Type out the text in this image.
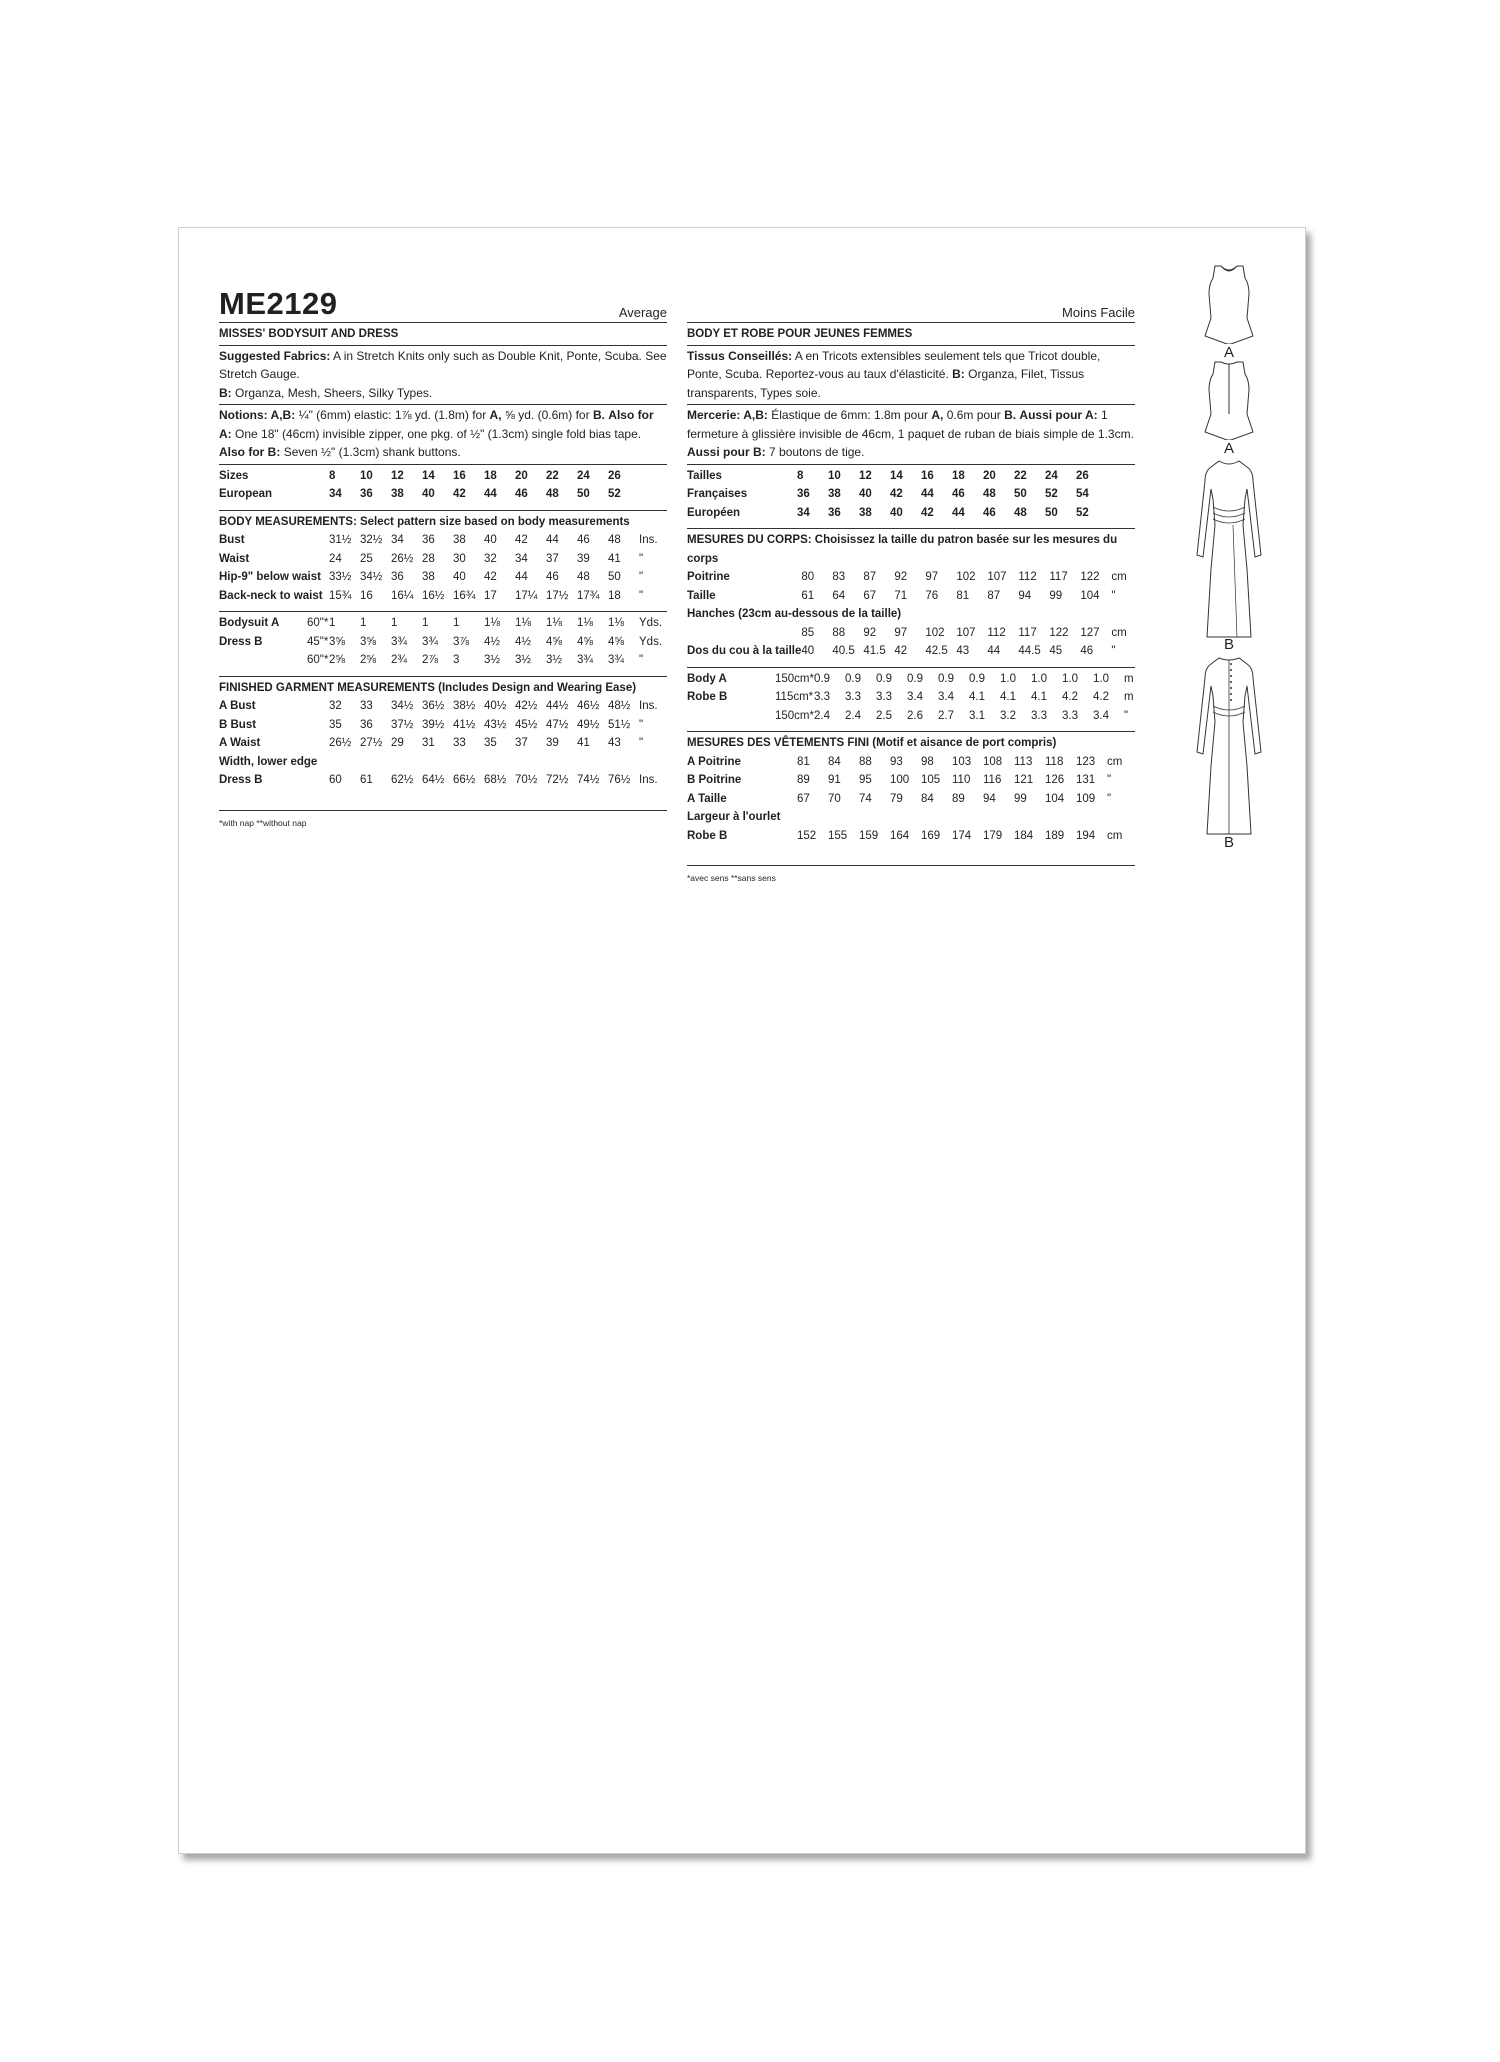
ME2129	Average
MISSES' BODYSUIT AND DRESS
Suggested Fabrics: A in Stretch Knits only such as Double Knit, Ponte, Scuba. See Stretch Gauge.
B: Organza, Mesh, Sheers, Silky Types.
Notions: A,B: ¼" (6mm) elastic: 1⅞ yd. (1.8m) for A, ⅝ yd. (0.6m) for B. Also for A: One 18" (46cm) invisible zipper, one pkg. of ½" (1.3cm) single fold bias tape. Also for B: Seven ½" (1.3cm) shank buttons.
Sizes	8	10	12	14	16	18	20	22	24	26	
European	34	36	38	40	42	44	46	48	50	52	
BODY MEASUREMENTS: Select pattern size based on body measurements
Bust	31½	32½	34	36	38	40	42	44	46	48	Ins.
Waist	24	25	26½	28	30	32	34	37	39	41	"
Hip-9" below waist	33½	34½	36	38	40	42	44	46	48	50	"
Back-neck to waist	15¾	16	16¼	16½	16¾	17	17¼	17½	17¾	18	"
Bodysuit A	60"*	1	1	1	1	1	1⅛	1⅛	1⅛	1⅛	1⅛	Yds.
Dress B	45"*	3⅝	3⅝	3¾	3¾	3⅞	4½	4½	4⅝	4⅝	4⅝	Yds.
	60"*	2⅝	2⅝	2¾	2⅞	3	3½	3½	3½	3¾	3¾	"
FINISHED GARMENT MEASUREMENTS (Includes Design and Wearing Ease)
A Bust	32	33	34½	36½	38½	40½	42½	44½	46½	48½	Ins.
B Bust	35	36	37½	39½	41½	43½	45½	47½	49½	51½	"
A Waist	26½	27½	29	31	33	35	37	39	41	43	"
Width, lower edge											
Dress B	60	61	62½	64½	66½	68½	70½	72½	74½	76½	Ins.
*with nap **without nap
Moins Facile
BODY ET ROBE POUR JEUNES FEMMES
Tissus Conseillés: A en Tricots extensibles seulement tels que Tricot double, Ponte, Scuba. Reportez-vous au taux d'élasticité. B: Organza, Filet, Tissus transparents, Types soie.
Mercerie: A,B: Élastique de 6mm: 1.8m pour A, 0.6m pour B. Aussi pour A: 1 fermeture à glissière invisible de 46cm, 1 paquet de ruban de biais simple de 1.3cm. Aussi pour B: 7 boutons de tige.
Tailles	8	10	12	14	16	18	20	22	24	26	
Françaises	36	38	40	42	44	46	48	50	52	54	
Européen	34	36	38	40	42	44	46	48	50	52	
MESURES DU CORPS: Choisissez la taille du patron basée sur les mesures du corps
Poitrine	80	83	87	92	97	102	107	112	117	122	cm
Taille	61	64	67	71	76	81	87	94	99	104	"
Hanches (23cm au-dessous de la taille)											
	85	88	92	97	102	107	112	117	122	127	cm
Dos du cou à la taille	40	40.5	41.5	42	42.5	43	44	44.5	45	46	"
Body A	150cm*	0.9	0.9	0.9	0.9	0.9	0.9	1.0	1.0	1.0	1.0	m
Robe B	115cm*	3.3	3.3	3.3	3.4	3.4	4.1	4.1	4.1	4.2	4.2	m
	150cm*	2.4	2.4	2.5	2.6	2.7	3.1	3.2	3.3	3.3	3.4	"
MESURES DES VÊTEMENTS FINI (Motif et aisance de port compris)
A Poitrine	81	84	88	93	98	103	108	113	118	123	cm
B Poitrine	89	91	95	100	105	110	116	121	126	131	"
A Taille	67	70	74	79	84	89	94	99	104	109	"
Largeur à l'ourlet											
Robe B	152	155	159	164	169	174	179	184	189	194	cm
*avec sens **sans sens
A
A
B
B
